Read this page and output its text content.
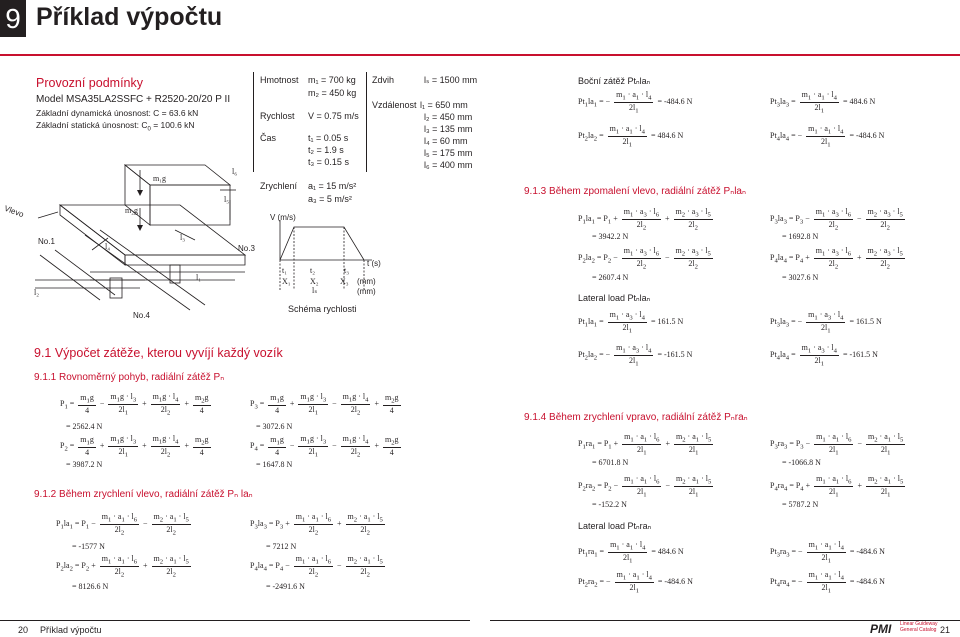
9 Příklad výpočtu
Provozní podmínky
Model MSA35LA2SSFC + R2520-20/20 P II
Základní dynamická únosnost: C = 63.6 kN
Základní statická únosnost: $C_0 = 100.6$ kN
Hmotnost m₁ = 700 kg
m₂ = 450 kg
Rychlost V = 0.75 m/s
Čas	t₁ = 0.05 s
t₂ = 1.9 s
t₃ = 0.15 s
Zdvih	lₛ = 1500 mm
Vzdálenost l₁ = 650 mm
l₂ = 450 mm
l₃ = 135 mm
l₄ = 60 mm
l₅ = 175 mm
l₆ = 400 mm
Zrychlení a₁ = 15 m/s²
a₃ = 5 m/s²
Vlevo
No.1
No.3
No.4
m₁g
m₂g
l₆
l₅
l₃
l₄
l₁
l₂
V (m/s)
t₁	t₂	t₃
X₁ X₂	X₃
lₛ
t (s)
(mm)
(mm)
Schéma rychlosti
9.1 Výpočet zátěže, kterou vyvíjí každý vozík
9.1.1 Rovnoměrný pohyb, radiální zátěž Pₙ
$P_1 = \frac{m_1g}{4} - \frac{m_1g \cdot l_3}{2l_1} + \frac{m_1g \cdot l_4}{2l_2} + \frac{m_2g}{4}$
= 2562.4 N
$P_2 = \frac{m_1g}{4} + \frac{m_1g \cdot l_3}{2l_1} + \frac{m_1g \cdot l_4}{2l_2} + \frac{m_2g}{4}$
= 3987.2 N
$P_3 = \frac{m_1g}{4} + \frac{m_1g \cdot l_3}{2l_1} - \frac{m_1g \cdot l_4}{2l_2} + \frac{m_2g}{4}$
= 3072.6 N
$P_4 = \frac{m_1g}{4} - \frac{m_1g \cdot l_3}{2l_1} - \frac{m_1g \cdot l_4}{2l_2} + \frac{m_2g}{4}$
= 1647.8 N
9.1.2 Během zrychlení vlevo, radiální zátěž Pₙ laₙ
$P_1la_1 = P_1 - \frac{m_1 \cdot a_1 \cdot l_6}{2l_2} - \frac{m_2 \cdot a_1 \cdot l_5}{2l_2}$
= -1577 N
$P_2la_2 = P_2 + \frac{m_1 \cdot a_1 \cdot l_6}{2l_2} + \frac{m_2 \cdot a_1 \cdot l_5}{2l_2}$
= 8126.6 N
$P_3la_3 = P_3 + \frac{m_1 \cdot a_1 \cdot l_6}{2l_2} + \frac{m_2 \cdot a_1 \cdot l_5}{2l_2}$
= 7212 N
$P_4la_4 = P_4 - \frac{m_1 \cdot a_1 \cdot l_6}{2l_2} - \frac{m_2 \cdot a_1 \cdot l_5}{2l_2}$
= -2491.6 N
Boční zátěž Ptₙlaₙ
$Pt_1la_1$ = − $\frac{m_1 \cdot a_1 \cdot l_4}{2l_1} = -484.6$ N
$Pt_2la_2 = \frac{m_1 \cdot a_1 \cdot l_4}{2l_1} = 484.6$ N
$Pt_3la_3 = \frac{m_1 \cdot a_1 \cdot l_4}{2l_1} = 484.6$ N
$Pt_4la_4$ = − $\frac{m_1 \cdot a_1 \cdot l_4}{2l_1} = -484.6$ N
9.1.3 Během zpomalení vlevo, radiální zátěž Pₙlaₙ
$P_1la_1 = P_1 + \frac{m_1 \cdot a_3 \cdot l_6}{2l_2} + \frac{m_2 \cdot a_3 \cdot l_5}{2l_2}$
= 3942.2 N
$P_2la_2 = P_2 - \frac{m_1 \cdot a_3 \cdot l_6}{2l_2} - \frac{m_2 \cdot a_3 \cdot l_5}{2l_2}$
= 2607.4 N
$P_3la_3 = P_3 - \frac{m_1 \cdot a_3 \cdot l_6}{2l_2} - \frac{m_2 \cdot a_3 \cdot l_5}{2l_2}$
= 1692.8 N
$P_4la_4 = P_4 + \frac{m_1 \cdot a_3 \cdot l_6}{2l_2} + \frac{m_2 \cdot a_3 \cdot l_5}{2l_2}$
= 3027.6 N
Lateral load Ptₙlaₙ
$Pt_1la_1 = \frac{m_1 \cdot a_3 \cdot l_4}{2l_1} = 161.5$ N
$Pt_2la_2$ = − $\frac{m_1 \cdot a_3 \cdot l_4}{2l_1} = -161.5$ N
$Pt_3la_3$ = − $\frac{m_1 \cdot a_3 \cdot l_4}{2l_1} = 161.5$ N
$Pt_4la_4 = \frac{m_1 \cdot a_3 \cdot l_4}{2l_1} = -161.5$ N
9.1.4 Během zrychlení vpravo, radiální zátěž Pₙraₙ
$P_1ra_1 = P_1 + \frac{m_1 \cdot a_1 \cdot l_6}{2l_1} + \frac{m_2 \cdot a_1 \cdot l_5}{2l_1}$
= 6701.8 N
$P_2ra_2 = P_2 - \frac{m_1 \cdot a_1 \cdot l_6}{2l_1} - \frac{m_2 \cdot a_1 \cdot l_5}{2l_1}$
= -152.2 N
$P_3ra_3 = P_3 - \frac{m_1 \cdot a_1 \cdot l_6}{2l_1} - \frac{m_2 \cdot a_1 \cdot l_5}{2l_1}$
= -1066.8 N
$P_4ra_4 = P_4 + \frac{m_1 \cdot a_1 \cdot l_6}{2l_1} + \frac{m_2 \cdot a_1 \cdot l_5}{2l_1}$
= 5787.2 N
Lateral load Ptₙraₙ
$Pt_1ra_1 = \frac{m_1 \cdot a_1 \cdot l_4}{2l_1} = 484.6$ N
$Pt_2ra_2$ = − $\frac{m_1 \cdot a_1 \cdot l_4}{2l_1} = -484.6$ N
$Pt_3ra_3$ = − $\frac{m_1 \cdot a_1 \cdot l_4}{2l_1} = -484.6$ N
$Pt_4ra_4$ = − $\frac{m_1 \cdot a_1 \cdot l_4}{2l_1} = -484.6$ N
20 Příklad výpočtu	PMI Linear Guideway
General Catalog 21
